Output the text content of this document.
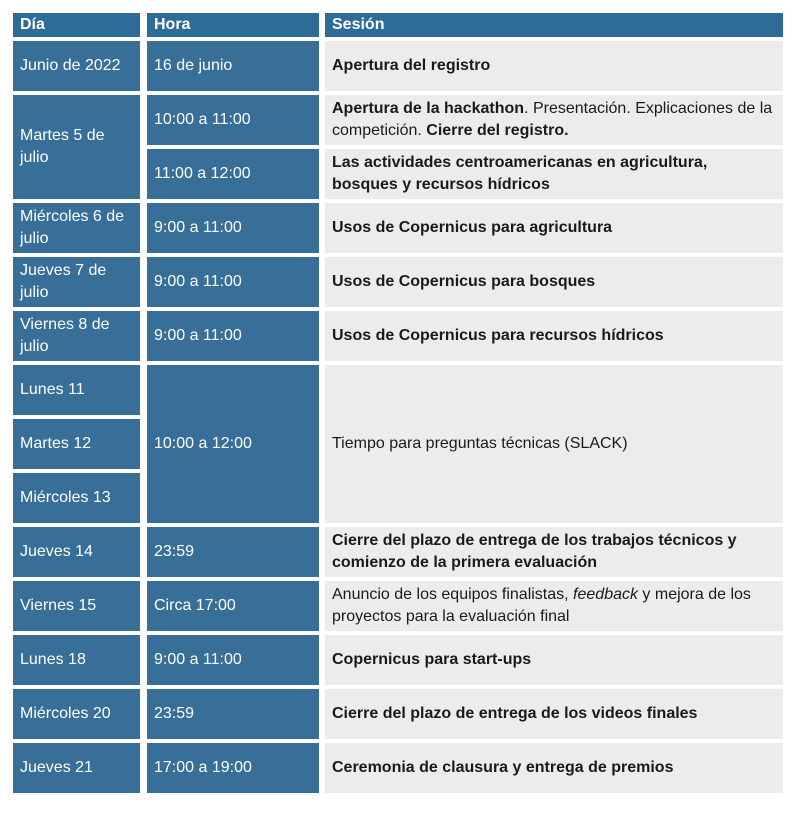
Día	Hora	Sesión
Junio de 2022
Martes 5 de julio
Miércoles 6 de julio
Jueves 7 de julio
Viernes 8 de julio
Lunes 11
Martes 12
Miércoles 13
Jueves 14
Viernes 15
Lunes 18
Miércoles 20
Jueves 21
16 de junio
10:00 a 11:00
11:00 a 12:00
9:00 a 11:00
9:00 a 11:00
9:00 a 11:00
10:00 a 12:00
23:59
Circa 17:00
9:00 a 11:00
23:59
17:00 a 19:00
Apertura del registro
Apertura de la hackathon. Presentación. Explicaciones de la competición. Cierre del registro.
Las actividades centroamericanas en agricultura, bosques y recursos hídricos
Usos de Copernicus para agricultura
Usos de Copernicus para bosques
Usos de Copernicus para recursos hídricos
Tiempo para preguntas técnicas (SLACK)
Cierre del plazo de entrega de los trabajos técnicos y comienzo de la primera evaluación
Anuncio de los equipos finalistas, feedback y mejora de los proyectos para la evaluación final
Copernicus para start-ups
Cierre del plazo de entrega de los videos finales
Ceremonia de clausura y entrega de premios
